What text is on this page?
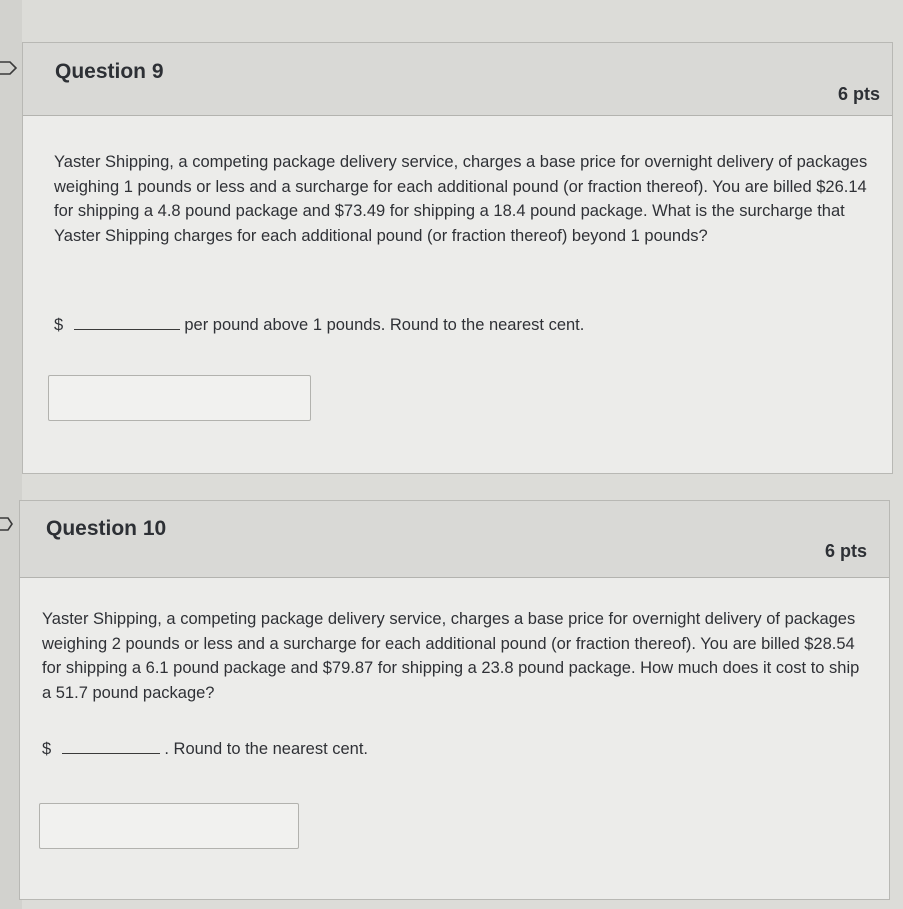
Question 9
6 pts
Yaster Shipping, a competing package delivery service, charges a base price for overnight delivery of packages weighing 1 pounds or less and a surcharge for each additional pound (or fraction thereof). You are billed $26.14 for shipping a 4.8 pound package and $73.49 for shipping a 18.4 pound package. What is the surcharge that Yaster Shipping charges for each additional pound (or fraction thereof) beyond 1 pounds?
$	per pound above 1 pounds. Round to the nearest cent.
Question 10
6 pts
Yaster Shipping, a competing package delivery service, charges a base price for overnight delivery of packages weighing 2 pounds or less and a surcharge for each additional pound (or fraction thereof). You are billed $28.54 for shipping a 6.1 pound package and $79.87 for shipping a 23.8 pound package. How much does it cost to ship a 51.7 pound package?
$	. Round to the nearest cent.
